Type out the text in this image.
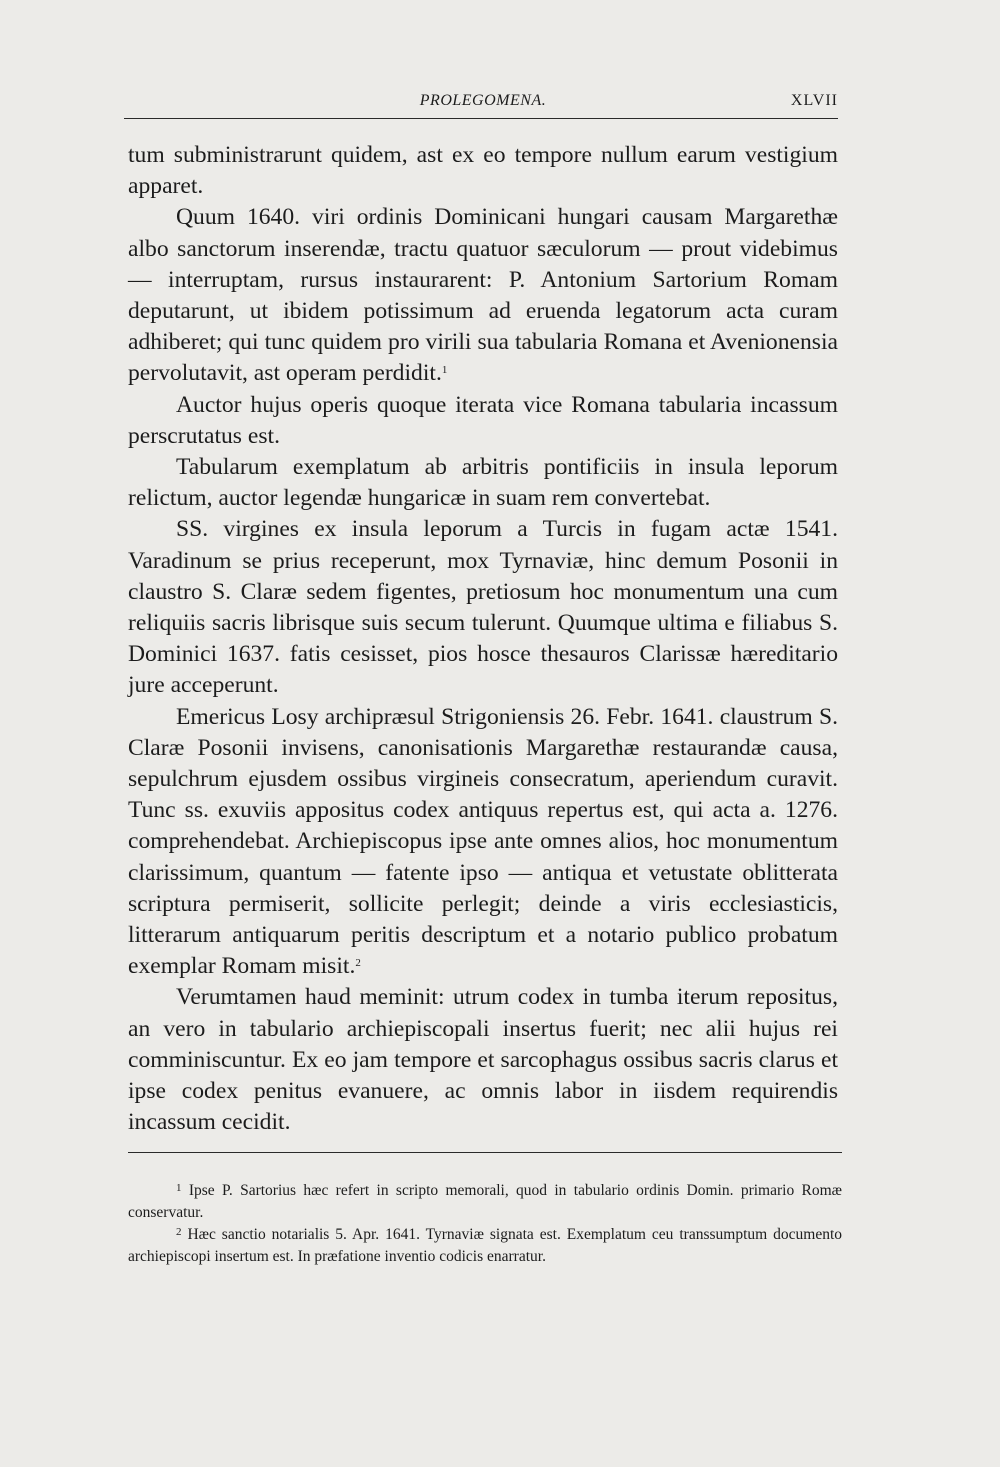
PROLEGOMENA.	XLVII

tum subministrarunt quidem, ast ex eo tempore nullum earum vestigium apparet.

Quum 1640. viri ordinis Dominicani hungari causam Margarethæ albo sanctorum inserendæ, tractu quatuor sæculorum — prout videbimus — interruptam, rursus instaurarent: P. Antonium Sartorium Romam deputarunt, ut ibidem potissimum ad eruenda legatorum acta curam adhiberet; qui tunc quidem pro virili sua tabularia Romana et Avenionensia pervolutavit, ast operam perdidit.$^1$

Auctor hujus operis quoque iterata vice Romana tabularia incassum perscrutatus est.

Tabularum exemplatum ab arbitris pontificiis in insula leporum relictum, auctor legendæ hungaricæ in suam rem convertebat.

SS. virgines ex insula leporum a Turcis in fugam actæ 1541. Varadinum se prius receperunt, mox Tyrnaviæ, hinc demum Posonii in claustro S. Claræ sedem figentes, pretiosum hoc monumentum una cum reliquiis sacris librisque suis secum tulerunt. Quumque ultima e filiabus S. Dominici 1637. fatis cesisset, pios hosce thesauros Clarissæ hæreditario jure acceperunt.

Emericus Losy archipræsul Strigoniensis 26. Febr. 1641. claustrum S. Claræ Posonii invisens, canonisationis Margarethæ restaurandæ causa, sepulchrum ejusdem ossibus virgineis consecratum, aperiendum curavit. Tunc ss. exuviis appositus codex antiquus repertus est, qui acta a. 1276. comprehendebat. Archiepiscopus ipse ante omnes alios, hoc monumentum clarissimum, quantum — fatente ipso — antiqua et vetustate oblitterata scriptura permiserit, sollicite perlegit; deinde a viris ecclesiasticis, litterarum antiquarum peritis descriptum et a notario publico probatum exemplar Romam misit.$^2$

Verumtamen haud meminit: utrum codex in tumba iterum repositus, an vero in tabulario archiepiscopali insertus fuerit; nec alii hujus rei comminiscuntur. Ex eo jam tempore et sarcophagus ossibus sacris clarus et ipse codex penitus evanuere, ac omnis labor in iisdem requirendis incassum cecidit.

$^1$ Ipse P. Sartorius hæc refert in scripto memorali, quod in tabulario ordinis Domin. primario Romæ conservatur.

$^2$ Hæc sanctio notarialis 5. Apr. 1641. Tyrnaviæ signata est. Exemplatum ceu transsumptum documento archiepiscopi insertum est. In præfatione inventio codicis enarratur.
